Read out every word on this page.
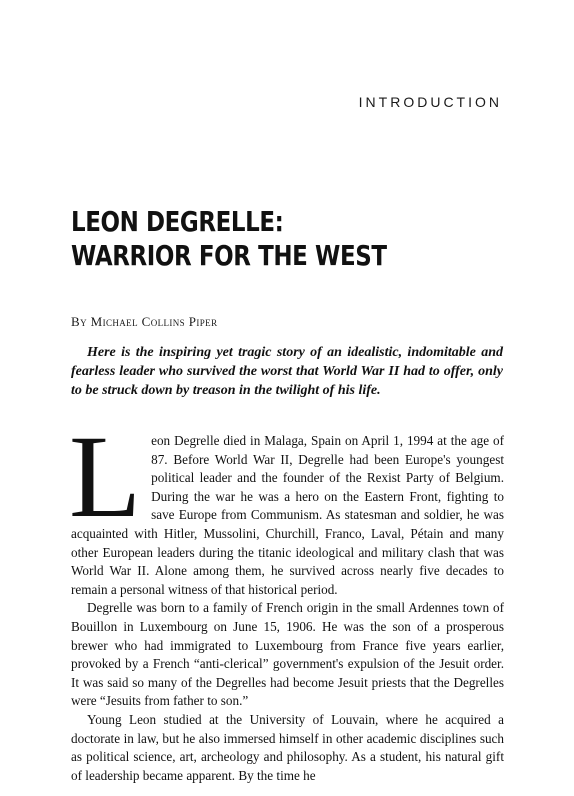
INTRODUCTION
LEON DEGRELLE:
WARRIOR FOR THE WEST
By Michael Collins Piper

Here is the inspiring yet tragic story of an idealistic, indomitable and fearless leader who survived the worst that World War II had to offer, only to be struck down by treason in the twilight of his life.

Leon Degrelle died in Malaga, Spain on April 1, 1994 at the age of 87. Before World War II, Degrelle had been Europe's youngest political leader and the founder of the Rexist Party of Belgium. During the war he was a hero on the Eastern Front, fighting to save Europe from Communism. As statesman and soldier, he was acquainted with Hitler, Mussolini, Churchill, Franco, Laval, Pétain and many other European leaders during the titanic ideological and military clash that was World War II. Alone among them, he survived across nearly five decades to remain a personal witness of that historical period.

Degrelle was born to a family of French origin in the small Ardennes town of Bouillon in Luxembourg on June 15, 1906. He was the son of a prosperous brewer who had immigrated to Luxembourg from France five years earlier, provoked by a French “anti-clerical” government's expulsion of the Jesuit order. It was said so many of the Degrelles had become Jesuit priests that the Degrelles were “Jesuits from father to son.”

Young Leon studied at the University of Louvain, where he acquired a doctorate in law, but he also immersed himself in other academic disciplines such as political science, art, archeology and philosophy. As a student, his natural gift of leadership became apparent. By the time he
